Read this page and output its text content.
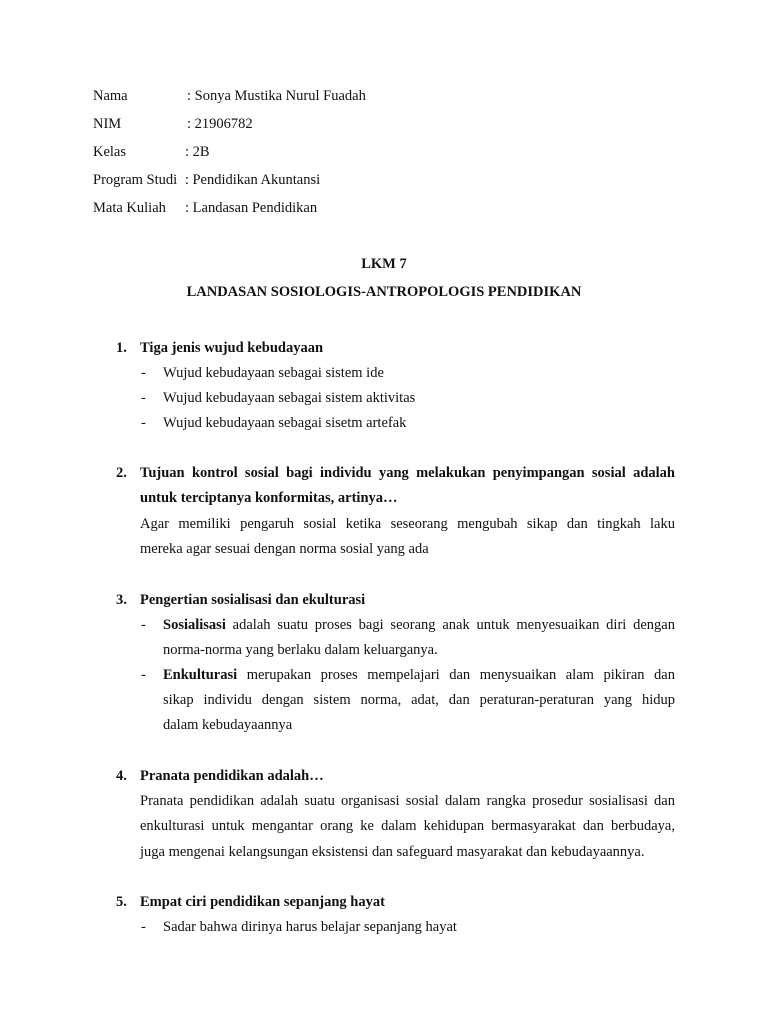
Nama	: Sonya Mustika Nurul Fuadah
NIM	: 21906782
Kelas	: 2B
Program Studi : Pendidikan Akuntansi
Mata Kuliah : Landasan Pendidikan
LKM 7
LANDASAN SOSIOLOGIS-ANTROPOLOGIS PENDIDIKAN
1. Tiga jenis wujud kebudayaan
- Wujud kebudayaan sebagai sistem ide
- Wujud kebudayaan sebagai sistem aktivitas
- Wujud kebudayaan sebagai sisetm artefak
2. Tujuan kontrol sosial bagi individu yang melakukan penyimpangan sosial adalah
untuk terciptanya konformitas, artinya…
Agar memiliki pengaruh sosial ketika seseorang mengubah sikap dan tingkah laku
mereka agar sesuai dengan norma sosial yang ada
3. Pengertian sosialisasi dan ekulturasi
- Sosialisasi adalah suatu proses bagi seorang anak untuk menyesuaikan diri dengan
norma-norma yang berlaku dalam keluarganya.
- Enkulturasi merupakan proses mempelajari dan menysuaikan alam pikiran dan
sikap individu dengan sistem norma, adat, dan peraturan-peraturan yang hidup
dalam kebudayaannya
4. Pranata pendidikan adalah…
Pranata pendidikan adalah suatu organisasi sosial dalam rangka prosedur sosialisasi dan
enkulturasi untuk mengantar orang ke dalam kehidupan bermasyarakat dan berbudaya,
juga mengenai kelangsungan eksistensi dan safeguard masyarakat dan kebudayaannya.
5. Empat ciri pendidikan sepanjang hayat
- Sadar bahwa dirinya harus belajar sepanjang hayat
